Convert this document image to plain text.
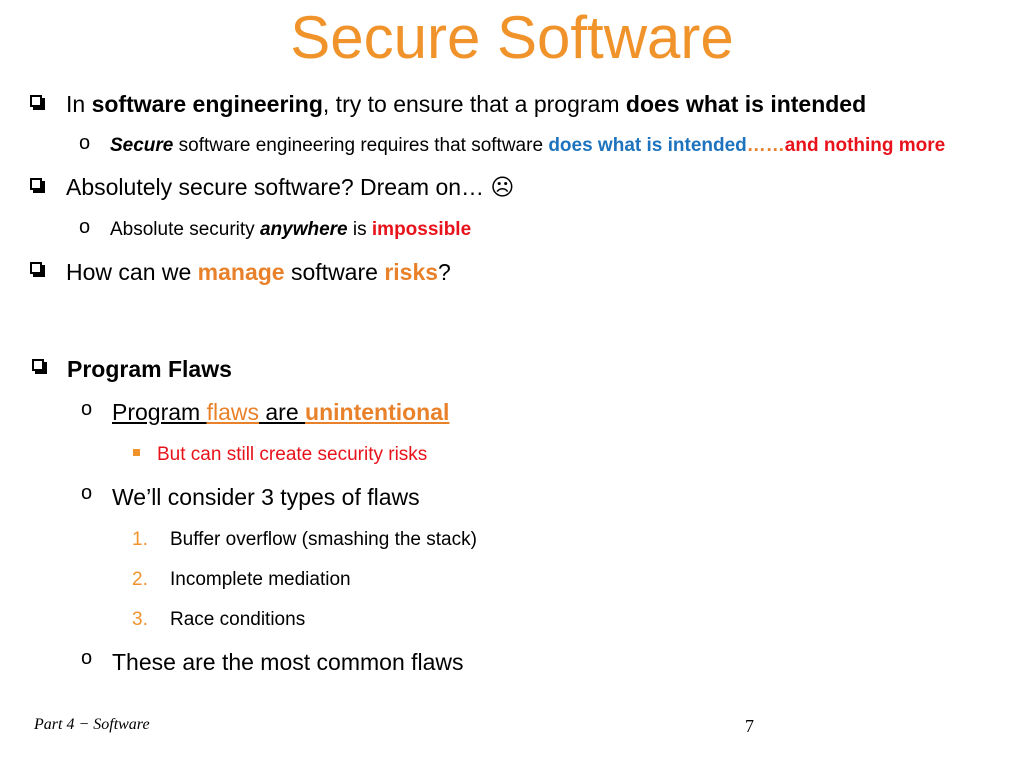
Secure Software
In software engineering, try to ensure that a program does what is intended
o Secure software engineering requires that software does what is intended……and nothing more
Absolutely secure software? Dream on… ☹
o Absolute security anywhere is impossible
How can we manage software risks?
Program Flaws
o Program flaws are unintentional
But can still create security risks
o We’ll consider 3 types of flaws
1. Buffer overflow (smashing the stack)
2. Incomplete mediation
3. Race conditions
o These are the most common flaws
Part 4 − Software	7
